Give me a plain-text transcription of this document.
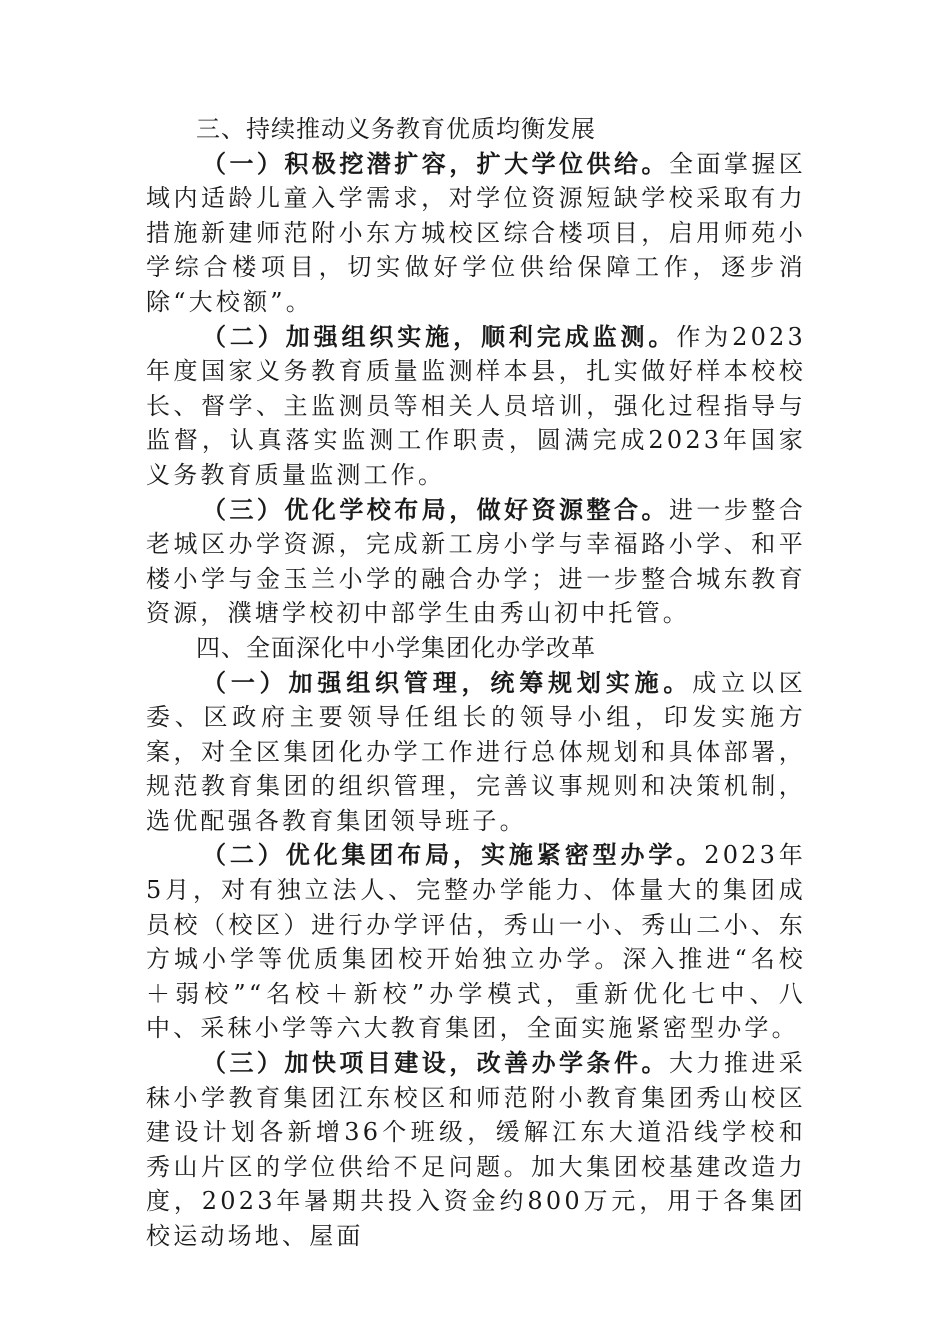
三、持续推动义务教育优质均衡发展

（一）积极挖潜扩容，扩大学位供给。全面掌握区域内适龄儿童入学需求，对学位资源短缺学校采取有力措施新建师范附小东方城校区综合楼项目，启用师苑小学综合楼项目，切实做好学位供给保障工作，逐步消除“大校额”。

（二）加强组织实施，顺利完成监测。作为2023年度国家义务教育质量监测样本县，扎实做好样本校校长、督学、主监测员等相关人员培训，强化过程指导与监督，认真落实监测工作职责，圆满完成2023年国家义务教育质量监测工作。

（三）优化学校布局，做好资源整合。进一步整合老城区办学资源，完成新工房小学与幸福路小学、和平楼小学与金玉兰小学的融合办学；进一步整合城东教育资源，濮塘学校初中部学生由秀山初中托管。

四、全面深化中小学集团化办学改革

（一）加强组织管理，统筹规划实施。成立以区委、区政府主要领导任组长的领导小组，印发实施方案，对全区集团化办学工作进行总体规划和具体部署，规范教育集团的组织管理，完善议事规则和决策机制，选优配强各教育集团领导班子。

（二）优化集团布局，实施紧密型办学。2023年5月，对有独立法人、完整办学能力、体量大的集团成员校（校区）进行办学评估，秀山一小、秀山二小、东方城小学等优质集团校开始独立办学。深入推进“名校＋弱校”“名校＋新校”办学模式，重新优化七中、八中、采秣小学等六大教育集团，全面实施紧密型办学。

（三）加快项目建设，改善办学条件。大力推进采秣小学教育集团江东校区和师范附小教育集团秀山校区建设计划各新增36个班级，缓解江东大道沿线学校和秀山片区的学位供给不足问题。加大集团校基建改造力度，2023年暑期共投入资金约800万元，用于各集团校运动场地、屋面
